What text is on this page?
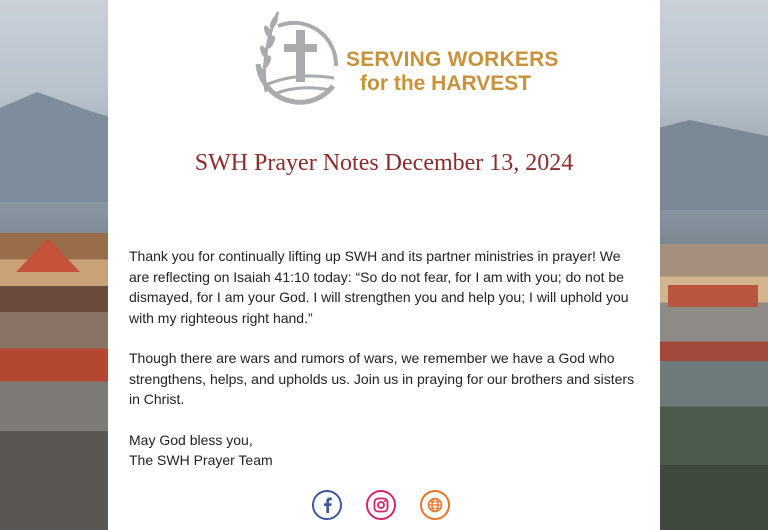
SERVING WORKERS
for the HARVEST
SWH Prayer Notes December 13, 2024

Thank you for continually lifting up SWH and its partner ministries in prayer! We are reflecting on Isaiah 41:10 today: “So do not fear, for I am with you; do not be dismayed, for I am your God. I will strengthen you and help you; I will uphold you with my righteous right hand.”

Though there are wars and rumors of wars, we remember we have a God who strengthens, helps, and upholds us. Join us in praying for our brothers and sisters in Christ.

May God bless you,
The SWH Prayer Team
